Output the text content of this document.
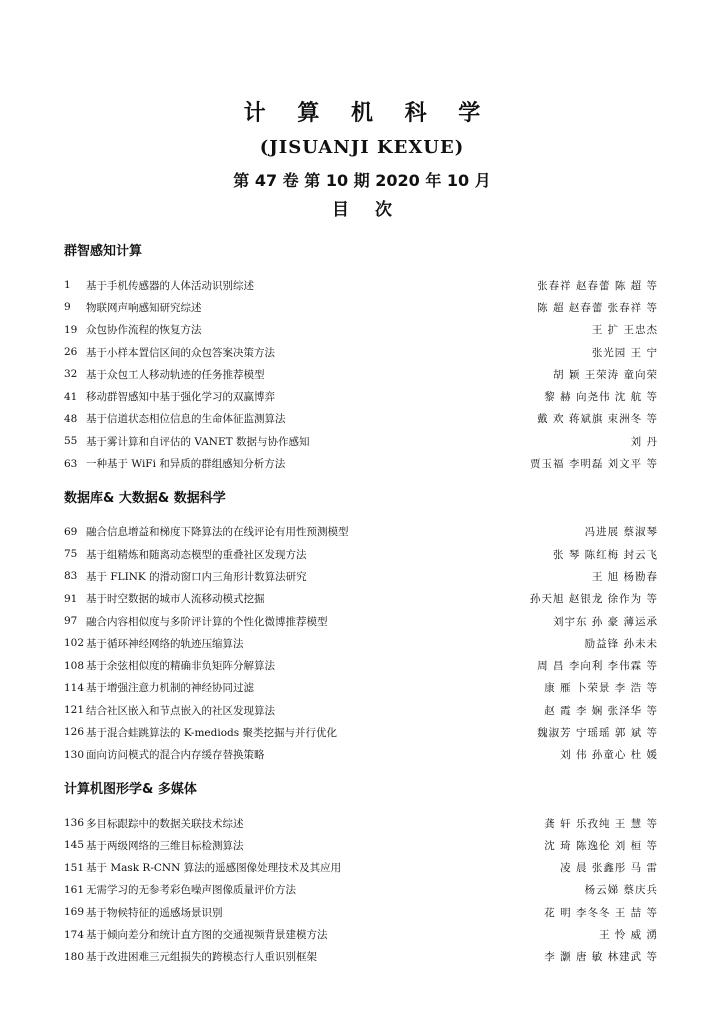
计 算 机 科 学
(JISUANJI KEXUE)
第 47 卷 第 10 期 2020 年 10 月
目 次
群智感知计算
1	基于手机传感器的人体活动识别综述	张春祥 赵春蕾 陈 超 等
9	物联网声响感知研究综述	陈 超 赵春蕾 张春祥 等
19 众包协作流程的恢复方法	王 扩 王忠杰
26 基于小样本置信区间的众包答案决策方法	张光园 王 宁
32 基于众包工人移动轨迹的任务推荐模型	胡 颖 王荣涛 童向荣
41 移动群智感知中基于强化学习的双赢博弈	黎 赫 向尧伟 沈 航 等
48 基于信道状态相位信息的生命体征监测算法	戴 欢 蒋斌旗 束洲冬 等
55 基于雾计算和自评估的 VANET 数据与协作感知	刘 丹
63 一种基于 WiFi 和异质的群组感知分析方法	贾玉福 李明磊 刘文平 等
数据库& 大数据& 数据科学
69 融合信息增益和梯度下降算法的在线评论有用性预测模型	冯进展 蔡淑琴
75 基于组精炼和随离动态模型的重叠社区发现方法	张 琴 陈红梅 封云飞
83 基于 FLINK 的滑动窗口内三角形计数算法研究	王 旭 杨勘春
91 基于时空数据的城市人流移动模式挖掘	孙天旭 赵银龙 徐作为 等
97 融合内容相似度与多阶评计算的个性化微博推荐模型	刘宇东 孙 豪 薄运承
102 基于循环神经网络的轨迹压缩算法	励益锋 孙未未
108 基于余弦相似度的精确非负矩阵分解算法	周 昌 李向利 李伟霖 等
114 基于增强注意力机制的神经协同过滤	康 雁 卜荣景 李 浩 等
121 结合社区嵌入和节点嵌入的社区发现算法	赵 霞 李 娴 张泽华 等
126 基于混合蛙跳算法的 K-mediods 聚类挖掘与并行优化	魏淑芳 宁瑶瑶 郭 斌 等
130 面向访问模式的混合内存缓存替换策略	刘 伟 孙童心 杜 媛
计算机图形学& 多媒体
136 多目标跟踪中的数据关联技术综述	龚 轩 乐孜纯 王 慧 等
145 基于两级网络的三维目标检测算法	沈 琦 陈逸伦 刘 桓 等
151 基于 Mask R-CNN 算法的遥感图像处理技术及其应用	凌 晨 张鑫彤 马 雷
161 无需学习的无参考彩色噪声图像质量评价方法	杨云娣 蔡庆兵
169 基于物候特征的遥感场景识别	花 明 李冬冬 王 喆 等
174 基于倾向差分和统计直方图的交通视频背景建模方法	王 怜 威 湧
180 基于改进困难三元组损失的跨模态行人重识别框架	李 灏 唐 敏 林建武 等
